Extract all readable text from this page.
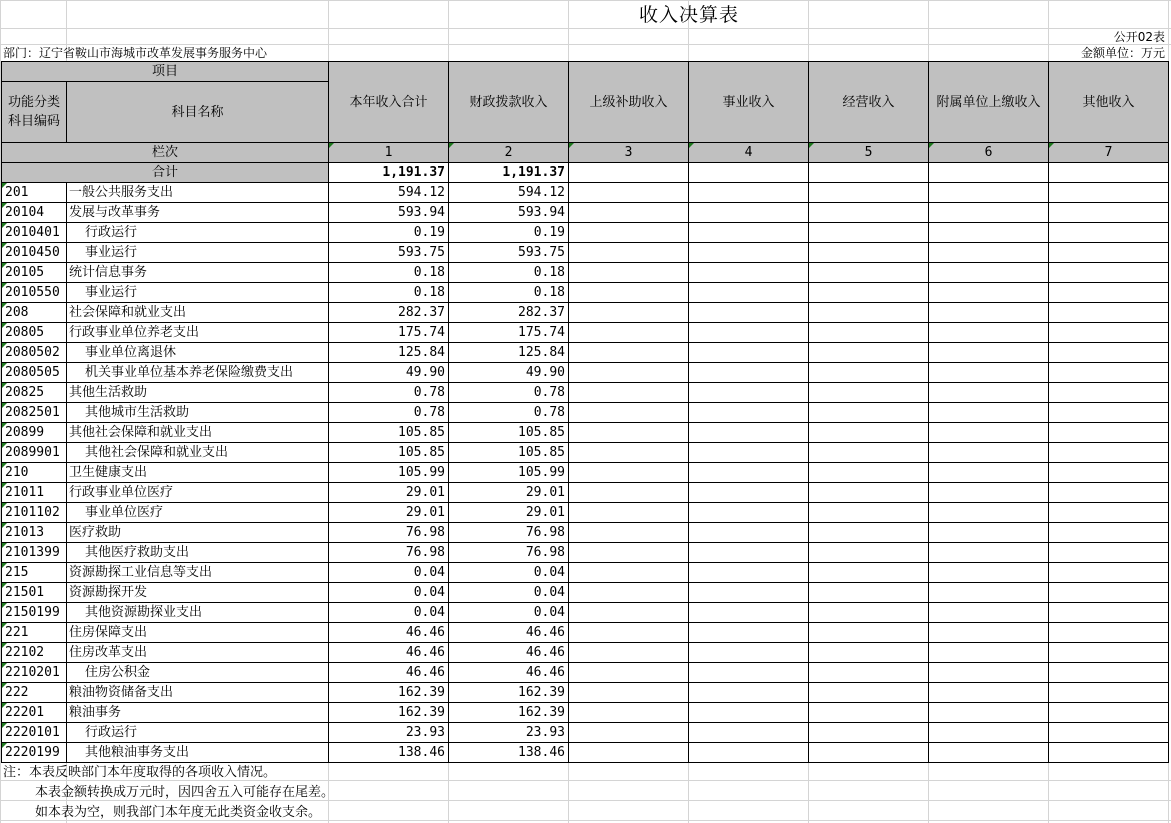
收入决算表
公开02表
部门：辽宁省鞍山市海城市改革发展事务服务中心	金额单位：万元
项目		本年收入合计	财政拨款收入	上级补助收入	事业收入	经营收入	附属单位上缴收入	其他收入
功能分类科目编码	科目名称							
栏次		1	2	3	4	5	6	7
合计		1,191.37	1,191.37					
201	一般公共服务支出	594.12	594.12					
20104	发展与改革事务	593.94	593.94					
2010401	行政运行	0.19	0.19					
2010450	事业运行	593.75	593.75					
20105	统计信息事务	0.18	0.18					
2010550	事业运行	0.18	0.18					
208	社会保障和就业支出	282.37	282.37					
20805	行政事业单位养老支出	175.74	175.74					
2080502	事业单位离退休	125.84	125.84					
2080505	机关事业单位基本养老保险缴费支出	49.90	49.90					
20825	其他生活救助	0.78	0.78					
2082501	其他城市生活救助	0.78	0.78					
20899	其他社会保障和就业支出	105.85	105.85					
2089901	其他社会保障和就业支出	105.85	105.85					
210	卫生健康支出	105.99	105.99					
21011	行政事业单位医疗	29.01	29.01					
2101102	事业单位医疗	29.01	29.01					
21013	医疗救助	76.98	76.98					
2101399	其他医疗救助支出	76.98	76.98					
215	资源勘探工业信息等支出	0.04	0.04					
21501	资源勘探开发	0.04	0.04					
2150199	其他资源勘探业支出	0.04	0.04					
221	住房保障支出	46.46	46.46					
22102	住房改革支出	46.46	46.46					
2210201	住房公积金	46.46	46.46					
222	粮油物资储备支出	162.39	162.39					
22201	粮油事务	162.39	162.39					
2220101	行政运行	23.93	23.93					
2220199	其他粮油事务支出	138.46	138.46					
注：本表反映部门本年度取得的各项收入情况。
本表金额转换成万元时，因四舍五入可能存在尾差。
如本表为空，则我部门本年度无此类资金收支余。
